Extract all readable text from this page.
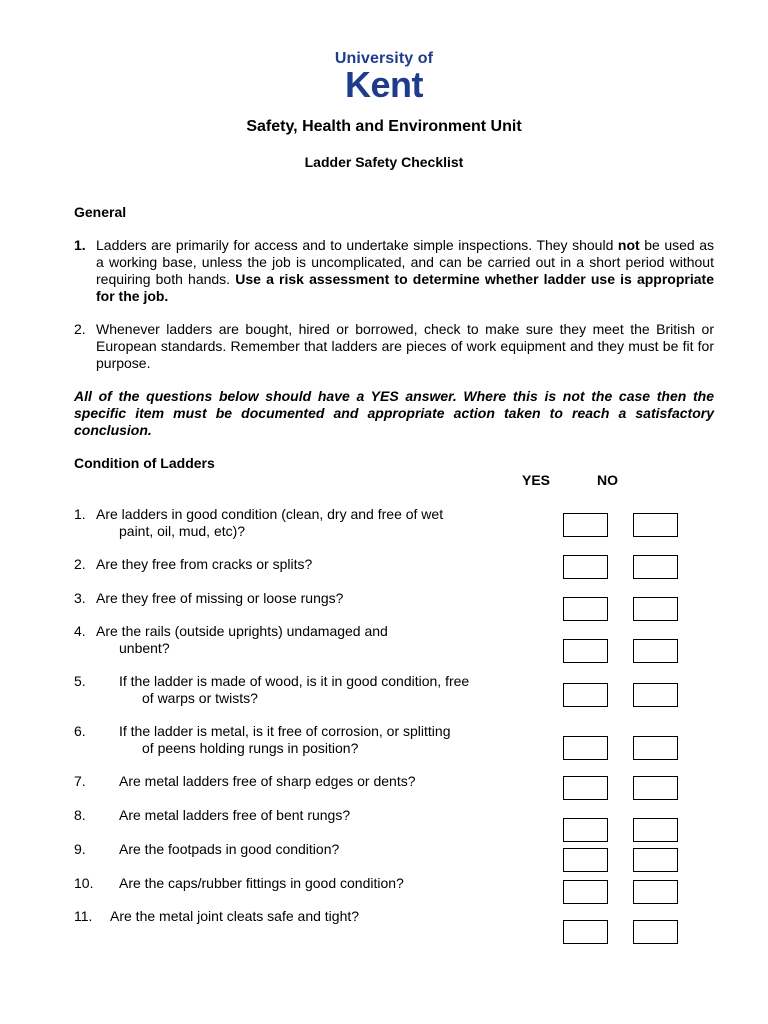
University of
Kent
Safety, Health and Environment Unit
Ladder Safety Checklist
General
1. Ladders are primarily for access and to undertake simple inspections. They should not be used as a working base, unless the job is uncomplicated, and can be carried out in a short period without requiring both hands. Use a risk assessment to determine whether ladder use is appropriate for the job.
2. Whenever ladders are bought, hired or borrowed, check to make sure they meet the British or European standards. Remember that ladders are pieces of work equipment and they must be fit for purpose.
All of the questions below should have a YES answer. Where this is not the case then the specific item must be documented and appropriate action taken to reach a satisfactory conclusion.
Condition of Ladders
YES	NO
1. Are ladders in good condition (clean, dry and free of wet
paint, oil, mud, etc)?
2. Are they free from cracks or splits?
3. Are they free of missing or loose rungs?
4. Are the rails (outside uprights) undamaged and
unbent?
5. If the ladder is made of wood, is it in good condition, free
of warps or twists?
6. If the ladder is metal, is it free of corrosion, or splitting
of peens holding rungs in position?
7. Are metal ladders free of sharp edges or dents?
8. Are metal ladders free of bent rungs?
9. Are the footpads in good condition?
10. Are the caps/rubber fittings in good condition?
11. Are the metal joint cleats safe and tight?
